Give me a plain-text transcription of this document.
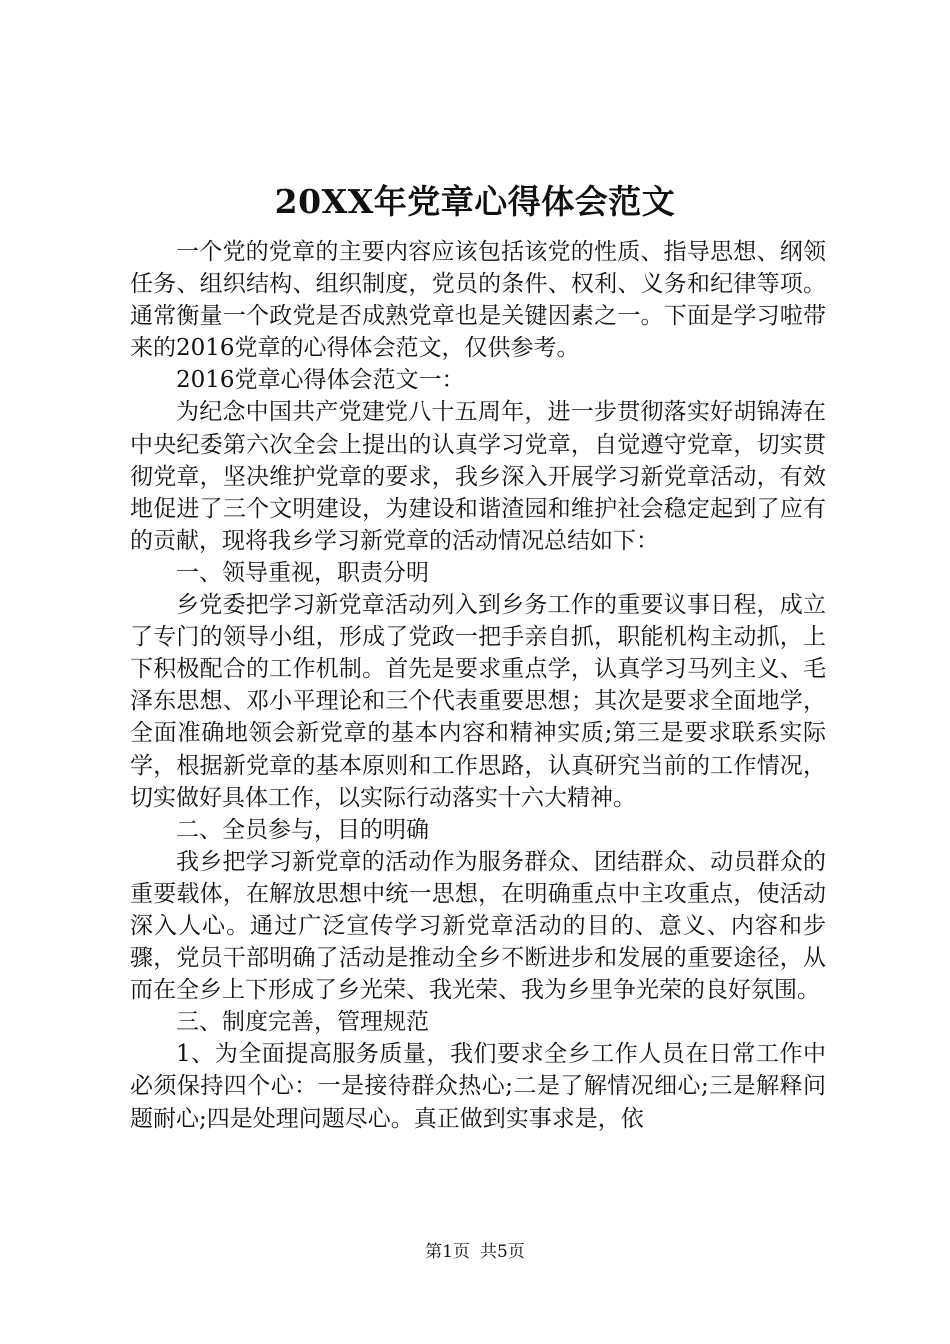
20XX年党章心得体会范文

一个党的党章的主要内容应该包括该党的性质、指导思想、纲领任务、组织结构、组织制度，党员的条件、权利、义务和纪律等项。通常衡量一个政党是否成熟党章也是关键因素之一。下面是学习啦带来的2016党章的心得体会范文，仅供参考。

2016党章心得体会范文一：

为纪念中国共产党建党八十五周年，进一步贯彻落实好胡锦涛在中央纪委第六次全会上提出的认真学习党章，自觉遵守党章，切实贯彻党章，坚决维护党章的要求，我乡深入开展学习新党章活动，有效地促进了三个文明建设，为建设和谐渣园和维护社会稳定起到了应有的贡献，现将我乡学习新党章的活动情况总结如下：

一、领导重视，职责分明

乡党委把学习新党章活动列入到乡务工作的重要议事日程，成立了专门的领导小组，形成了党政一把手亲自抓，职能机构主动抓，上下积极配合的工作机制。首先是要求重点学，认真学习马列主义、毛泽东思想、邓小平理论和三个代表重要思想；其次是要求全面地学，全面准确地领会新党章的基本内容和精神实质;第三是要求联系实际学，根据新党章的基本原则和工作思路，认真研究当前的工作情况，切实做好具体工作，以实际行动落实十六大精神。

二、全员参与，目的明确

我乡把学习新党章的活动作为服务群众、团结群众、动员群众的重要载体，在解放思想中统一思想，在明确重点中主攻重点，使活动深入人心。通过广泛宣传学习新党章活动的目的、意义、内容和步骤，党员干部明确了活动是推动全乡不断进步和发展的重要途径，从而在全乡上下形成了乡光荣、我光荣、我为乡里争光荣的良好氛围。

三、制度完善，管理规范

1、为全面提高服务质量，我们要求全乡工作人员在日常工作中必须保持四个心：一是接待群众热心;二是了解情况细心;三是解释问题耐心;四是处理问题尽心。真正做到实事求是，依

第1页 共5页
